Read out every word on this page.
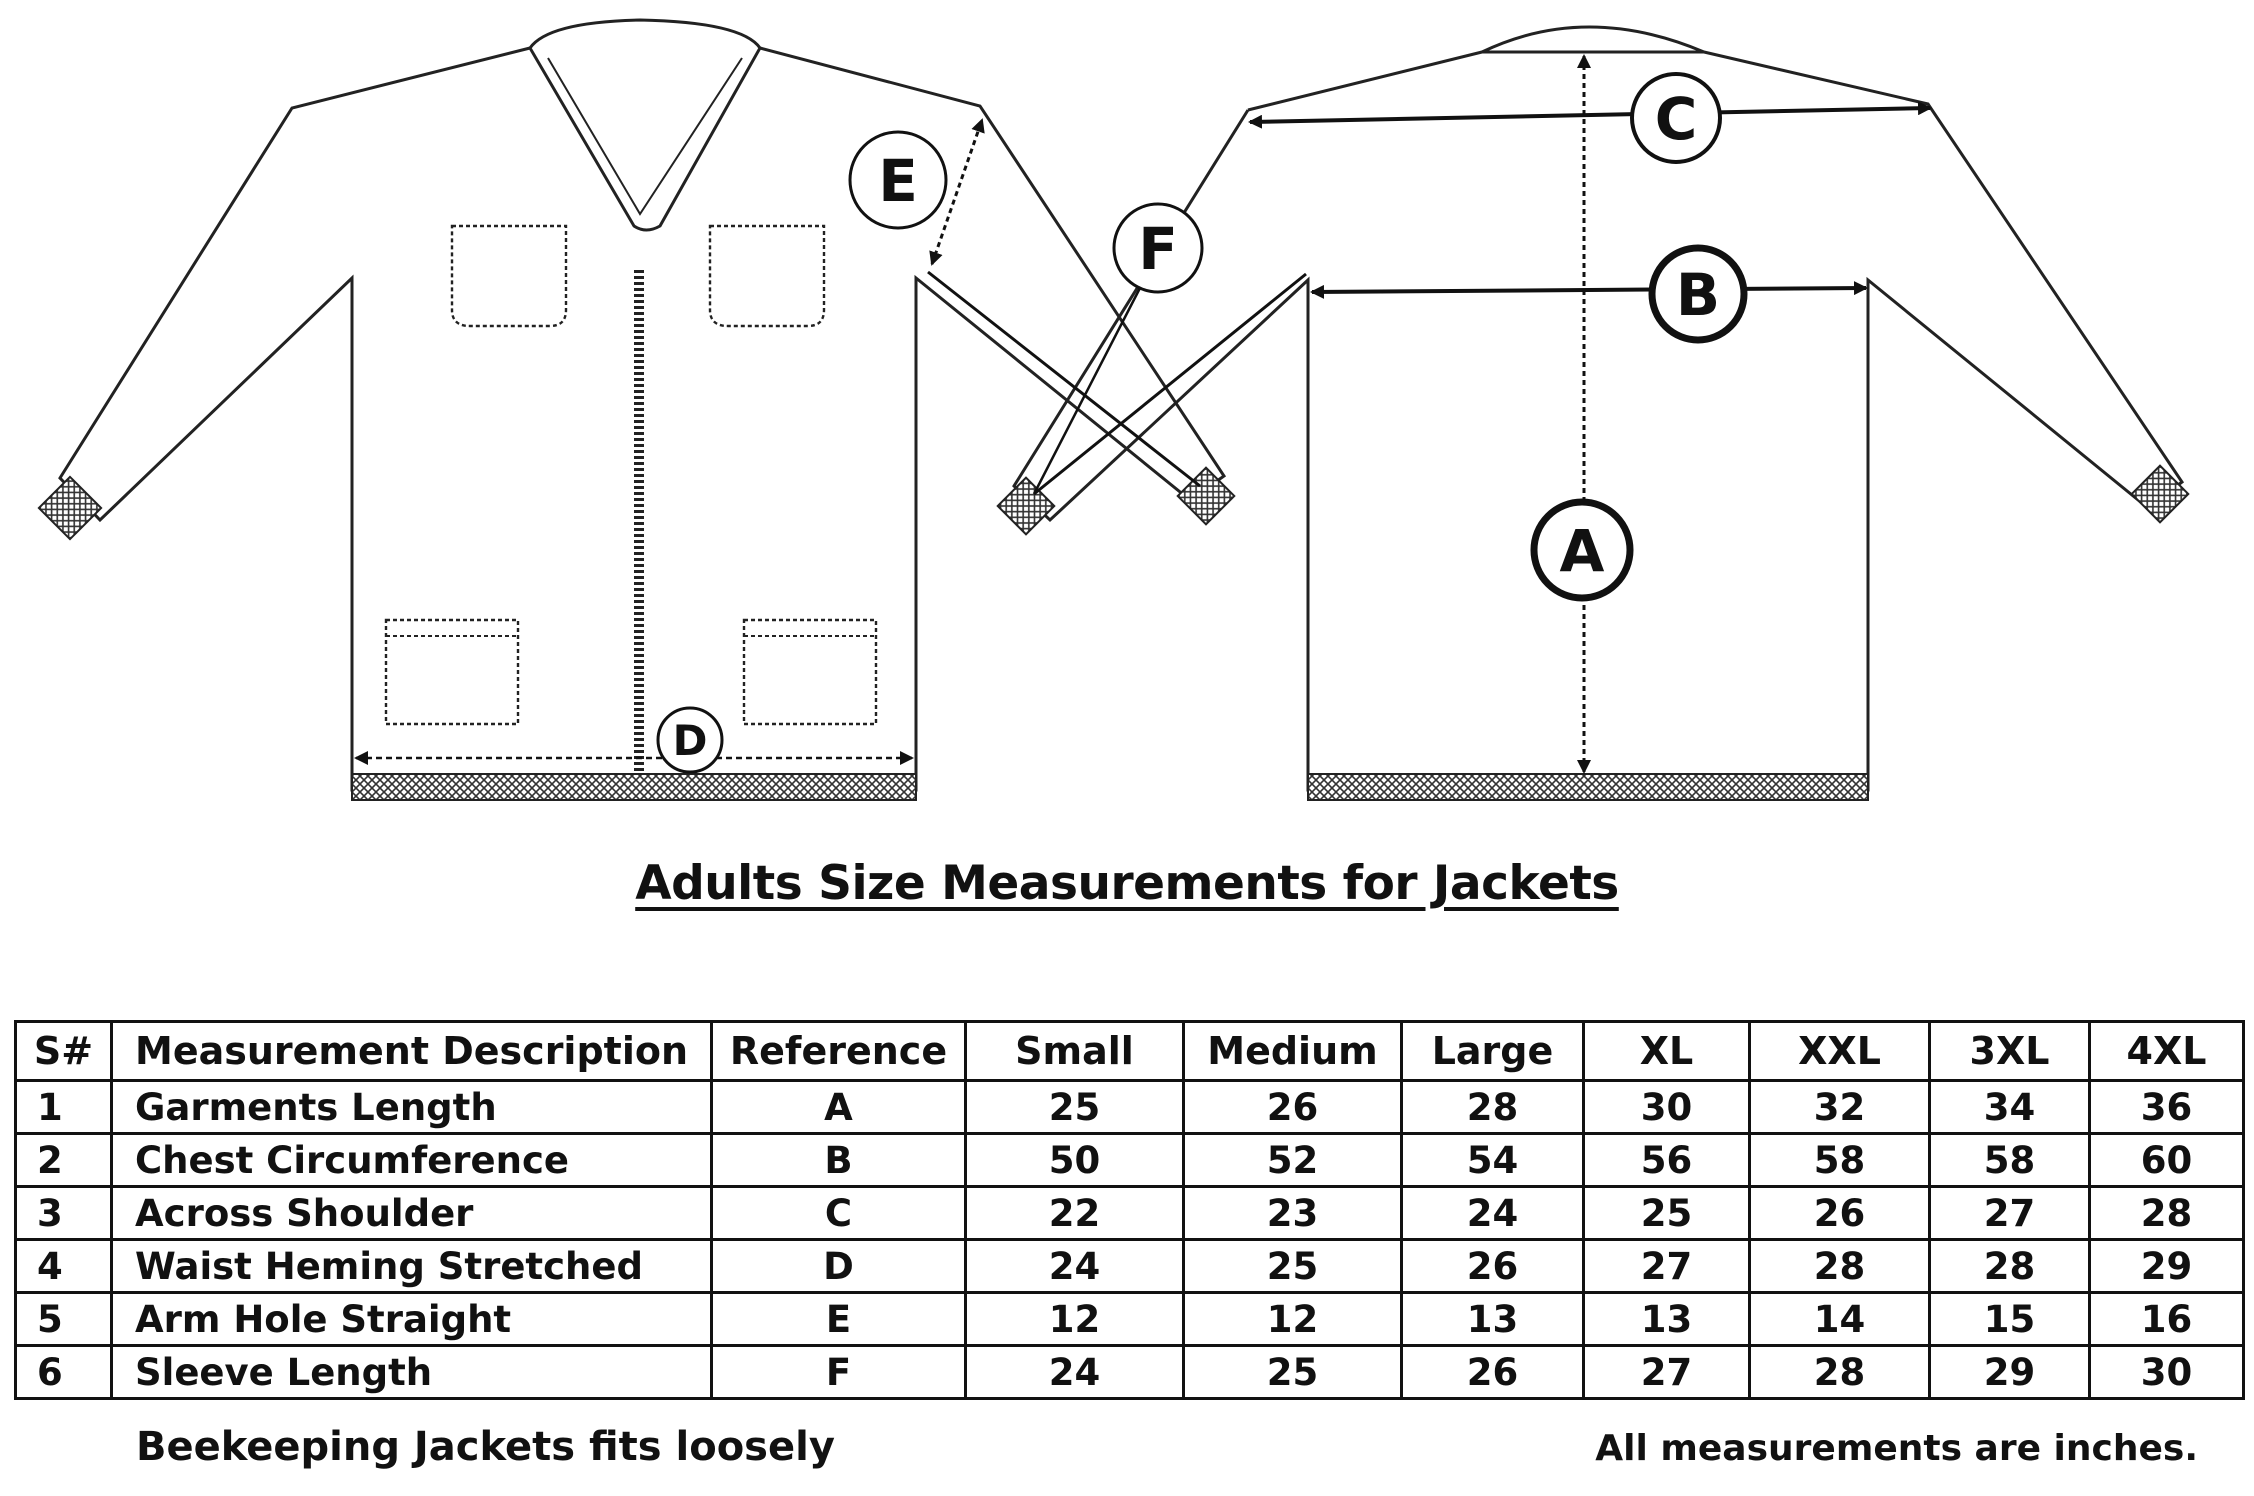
A
B
C
D
E
F
Adults Size Measurements for Jackets
S#	Measurement Description	Reference	Small	Medium	Large	XL	XXL	3XL	4XL
1	Garments Length	A	25	26	28	30	32	34	36
2	Chest Circumference	B	50	52	54	56	58	58	60
3	Across Shoulder	C	22	23	24	25	26	27	28
4	Waist Heming Stretched	D	24	25	26	27	28	28	29
5	Arm Hole Straight	E	12	12	13	13	14	15	16
6	Sleeve Length	F	24	25	26	27	28	29	30
Beekeeping Jackets fits loosely	All measurements are inches.
